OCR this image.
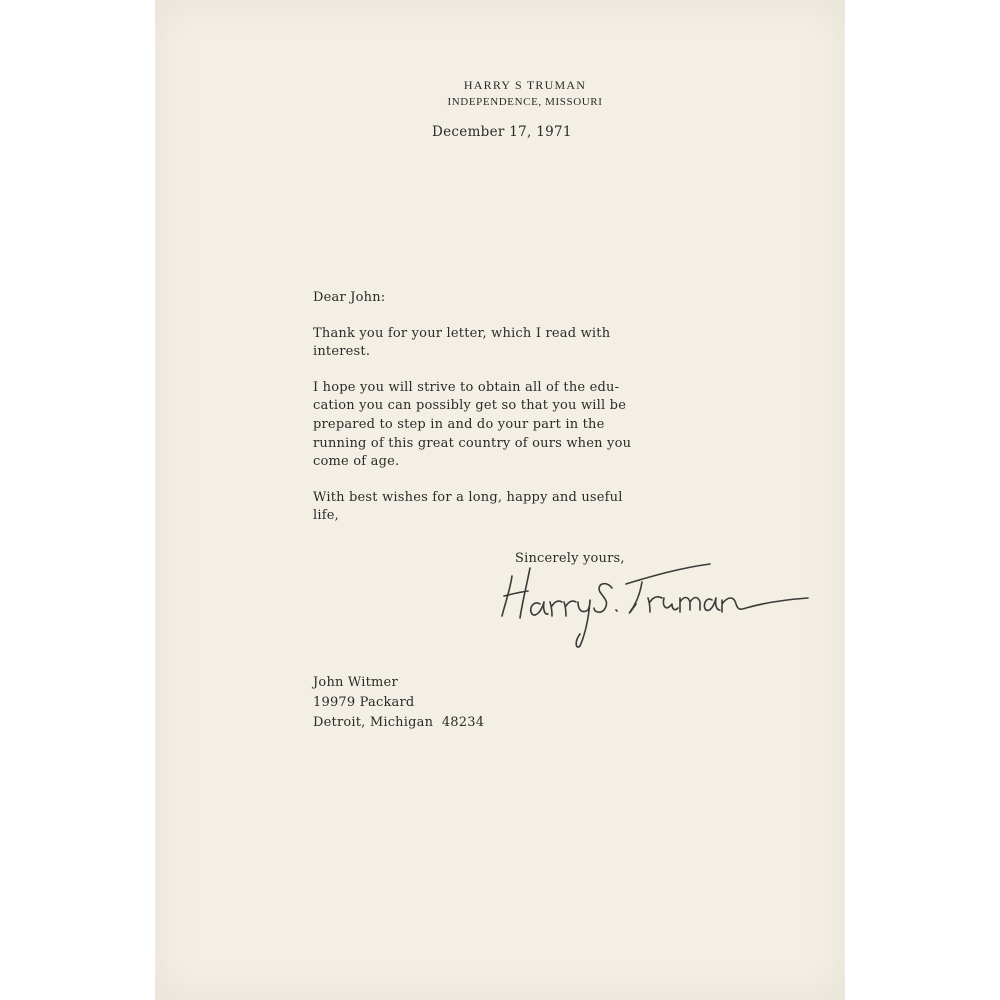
HARRY S TRUMAN
INDEPENDENCE, MISSOURI
December 17, 1971
Dear John:
Thank you for your letter, which I read with
interest.
I hope you will strive to obtain all of the edu-
cation you can possibly get so that you will be
prepared to step in and do your part in the
running of this great country of ours when you
come of age.
With best wishes for a long, happy and useful
life,
Sincerely yours,
John Witmer
19979 Packard
Detroit, Michigan  48234
